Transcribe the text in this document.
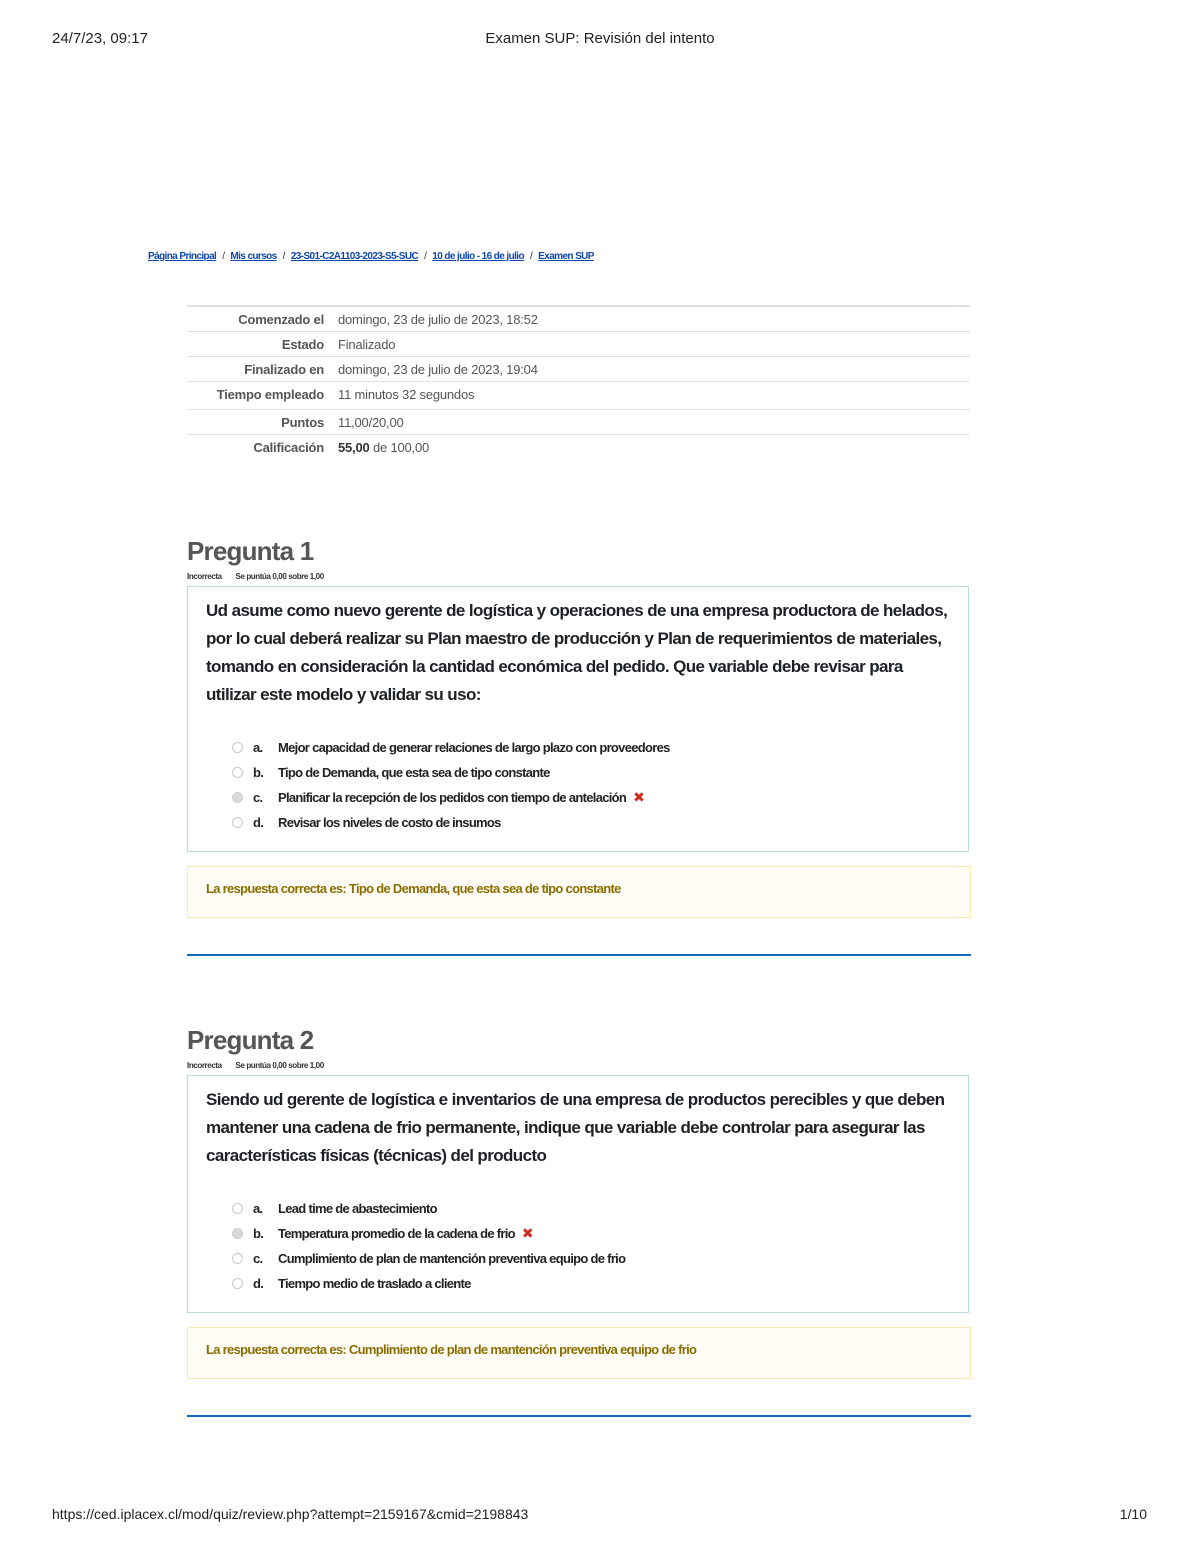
24/7/23, 09:17	Examen SUP: Revisión del intento
Página Principal / Mis cursos / 23-S01-C2A1103-2023-S5-SUC / 10 de julio - 16 de julio / Examen SUP
Comenzado el	domingo, 23 de julio de 2023, 18:52
Estado	Finalizado
Finalizado en	domingo, 23 de julio de 2023, 19:04
Tiempo empleado	11 minutos 32 segundos
Puntos	11,00/20,00
Calificación	55,00 de 100,00
Pregunta 1
Incorrecta Se puntúa 0,00 sobre 1,00

Ud asume como nuevo gerente de logística y operaciones de una empresa productora de helados, por lo cual deberá realizar su Plan maestro de producción y Plan de requerimientos de materiales, tomando en consideración la cantidad económica del pedido. Que variable debe revisar para utilizar este modelo y validar su uso:

a.	Mejor capacidad de generar relaciones de largo plazo con proveedores
b.	Tipo de Demanda, que esta sea de tipo constante
c.	Planificar la recepción de los pedidos con tiempo de antelación ✖
d.	Revisar los niveles de costo de insumos
La respuesta correcta es: Tipo de Demanda, que esta sea de tipo constante
Pregunta 2
Incorrecta Se puntúa 0,00 sobre 1,00

Siendo ud gerente de logística e inventarios de una empresa de productos perecibles y que deben mantener una cadena de frio permanente, indique que variable debe controlar para asegurar las características físicas (técnicas) del producto

a.	Lead time de abastecimiento
b.	Temperatura promedio de la cadena de frio ✖
c.	Cumplimiento de plan de mantención preventiva equipo de frio
d.	Tiempo medio de traslado a cliente
La respuesta correcta es: Cumplimiento de plan de mantención preventiva equipo de frio
https://ced.iplacex.cl/mod/quiz/review.php?attempt=2159167&cmid=2198843	1/10
